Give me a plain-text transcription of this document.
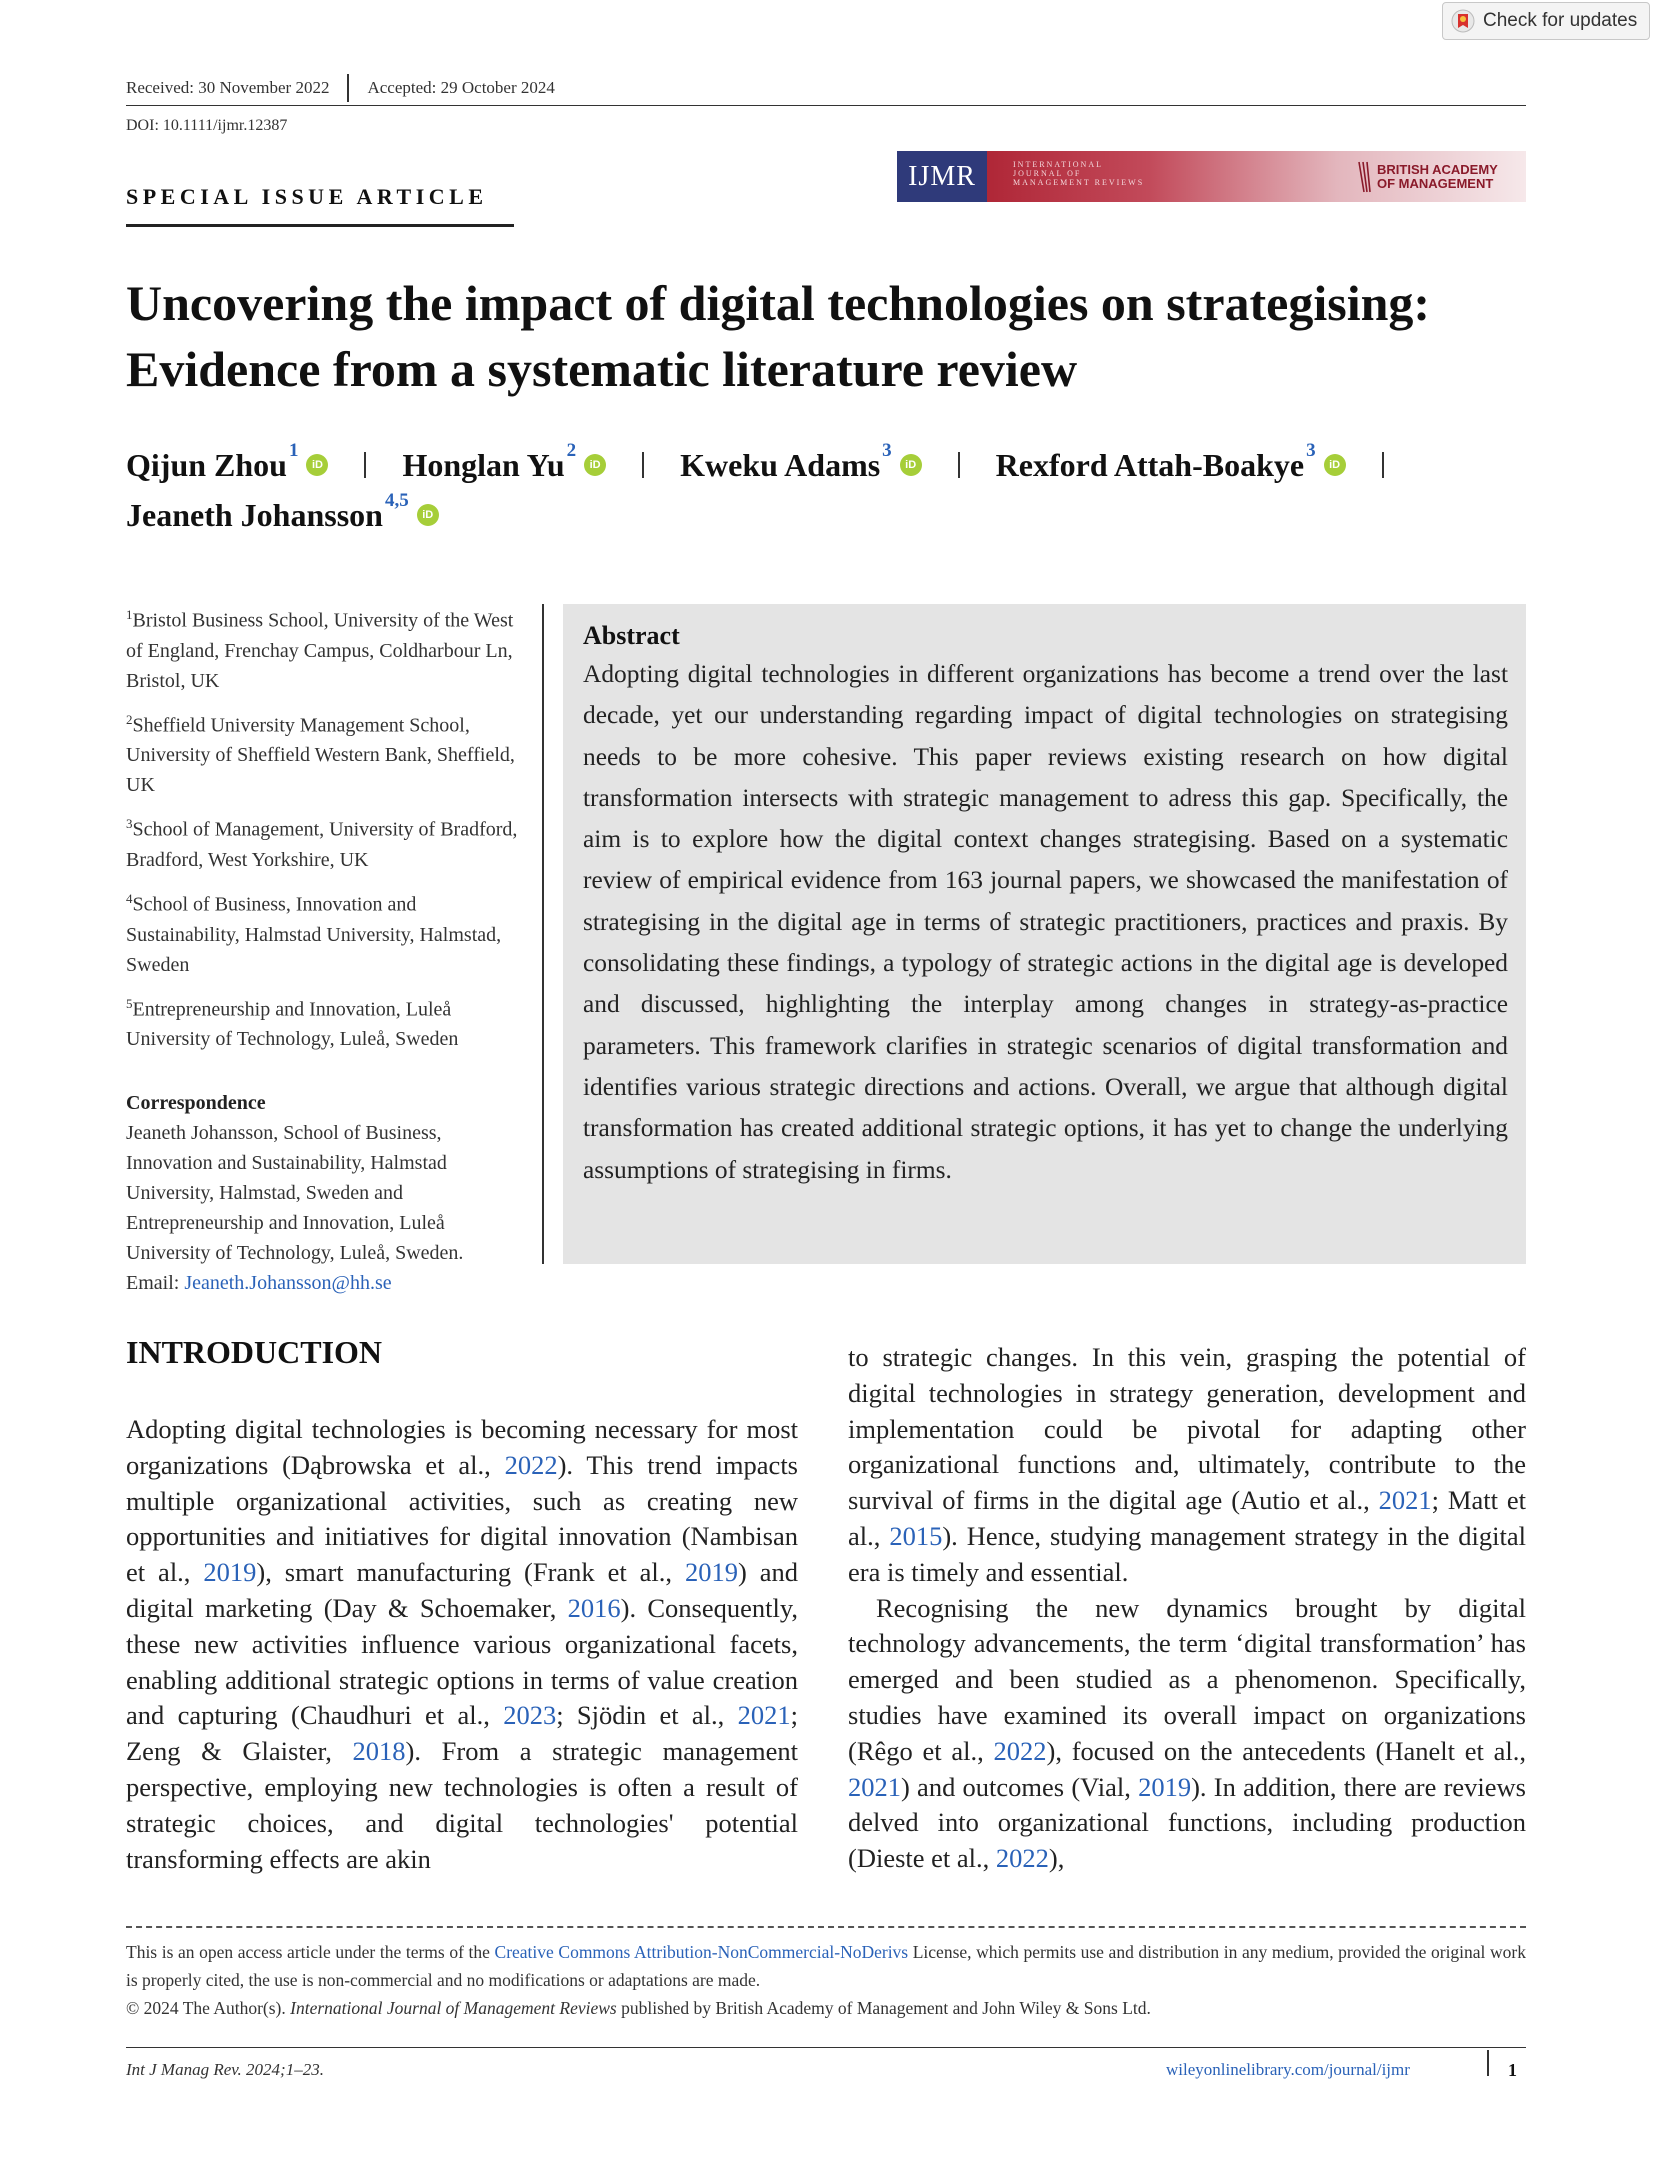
Check for updates
Received: 30 November 2022 Accepted: 29 October 2024
DOI: 10.1111/ijmr.12387
SPECIAL ISSUE ARTICLE
IJMR	INTERNATIONAL
JOURNAL OF
MANAGEMENT REVIEWS
BRITISH ACADEMY
OF MANAGEMENT
Uncovering the impact of digital technologies on strategising: Evidence from a systematic literature review
Qijun Zhou$^1$
iD Honglan Yu$^2$
iD Kweku Adams$^3$
iD Rexford Attah-Boakye$^3$
iD

Jeaneth Johansson$^{4,5}$
iD
$^1$Bristol Business School, University of the West of England, Frenchay Campus, Coldharbour Ln, Bristol, UK
$^2$Sheffield University Management School, University of Sheffield Western Bank, Sheffield, UK
$^3$School of Management, University of Bradford, Bradford, West Yorkshire, UK
$^4$School of Business, Innovation and Sustainability, Halmstad University, Halmstad, Sweden
$^5$Entrepreneurship and Innovation, Luleå University of Technology, Luleå, Sweden
Correspondence
Jeaneth Johansson, School of Business, Innovation and Sustainability, Halmstad University, Halmstad, Sweden and Entrepreneurship and Innovation, Luleå University of Technology, Luleå, Sweden.
Email: Jeaneth.Johansson@hh.se
Abstract

Adopting digital technologies in different organizations has become a trend over the last decade, yet our understanding regarding impact of digital technologies on strategising needs to be more cohesive. This paper reviews existing research on how digital transformation intersects with strategic management to adress this gap. Specifically, the aim is to explore how the digital context changes strategising. Based on a systematic review of empirical evidence from 163 journal papers, we showcased the manifestation of strategising in the digital age in terms of strategic practitioners, practices and praxis. By consolidating these findings, a typology of strategic actions in the digital age is developed and discussed, highlighting the interplay among changes in strategy-as-practice parameters. This framework clarifies in strategic scenarios of digital transformation and identifies various strategic directions and actions. Overall, we argue that although digital transformation has created additional strategic options, it has yet to change the underlying assumptions of strategising in firms.

INTRODUCTION

Adopting digital technologies is becoming necessary for most organizations (Dąbrowska et al., 2022). This trend impacts multiple organizational activities, such as creating new opportunities and initiatives for digital innovation (Nambisan et al., 2019), smart manufacturing (Frank et al., 2019) and digital marketing (Day & Schoemaker, 2016). Consequently, these new activities influence various organizational facets, enabling additional strategic options in terms of value creation and capturing (Chaudhuri et al., 2023; Sjödin et al., 2021; Zeng & Glaister, 2018). From a strategic management perspective, employing new technologies is often a result of strategic choices, and digital technologies' potential transforming effects are akin

to strategic changes. In this vein, grasping the potential of digital technologies in strategy generation, development and implementation could be pivotal for adapting other organizational functions and, ultimately, contribute to the survival of firms in the digital age (Autio et al., 2021; Matt et al., 2015). Hence, studying management strategy in the digital era is timely and essential.

Recognising the new dynamics brought by digital technology advancements, the term ‘digital transformation’ has emerged and been studied as a phenomenon. Specifically, studies have examined its overall impact on organizations (Rêgo et al., 2022), focused on the antecedents (Hanelt et al., 2021) and outcomes (Vial, 2019). In addition, there are reviews delved into organizational functions, including production (Dieste et al., 2022),

This is an open access article under the terms of the Creative Commons Attribution-NonCommercial-NoDerivs License, which permits use and distribution in any medium, provided the original work is properly cited, the use is non-commercial and no modifications or adaptations are made.
© 2024 The Author(s). International Journal of Management Reviews published by British Academy of Management and John Wiley & Sons Ltd.
Int J Manag Rev. 2024;1–23.	wileyonlinelibrary.com/journal/ijmr	1
